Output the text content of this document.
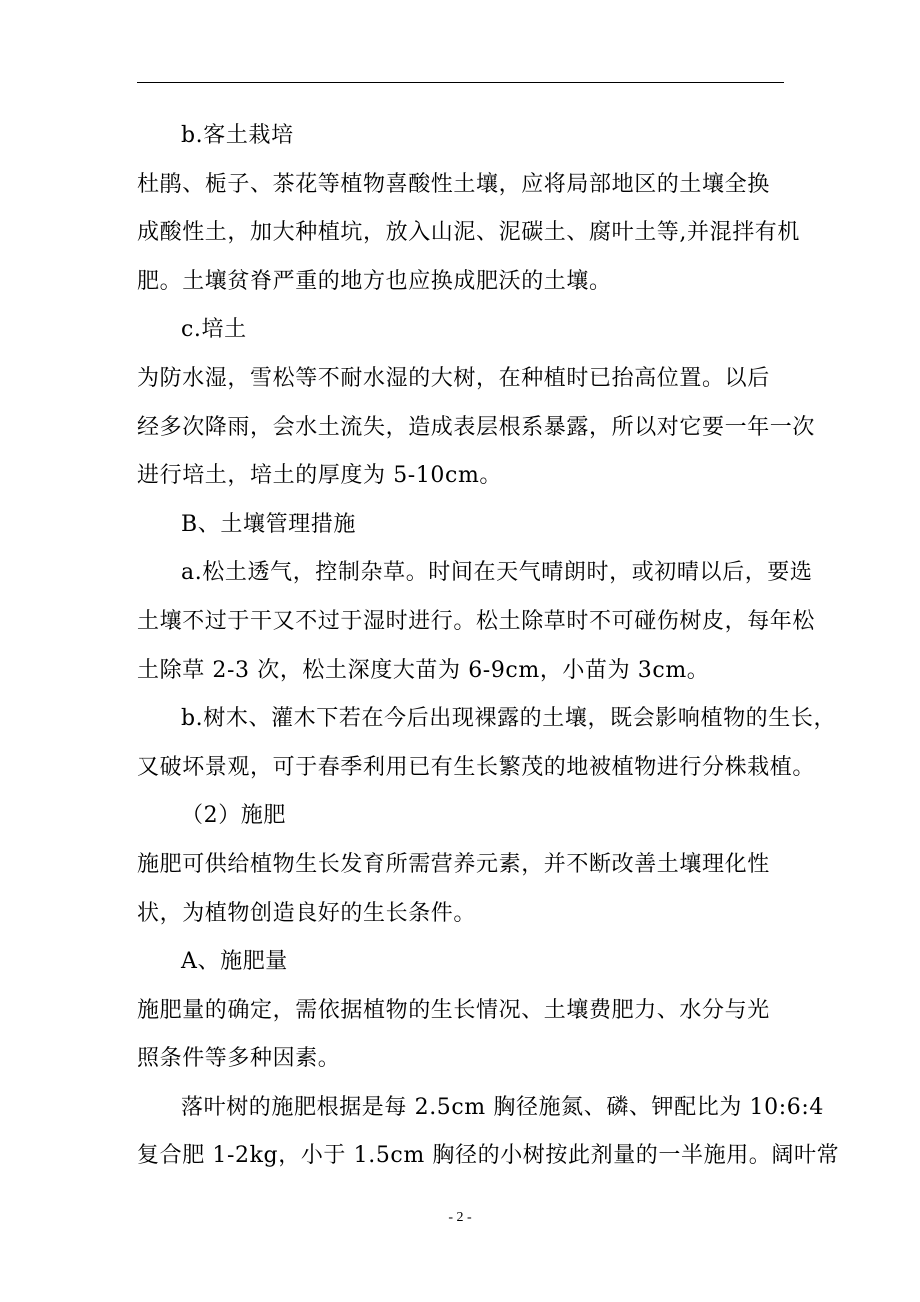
b.客土栽培
杜鹃、栀子、茶花等植物喜酸性土壤，应将局部地区的土壤全换
成酸性土，加大种植坑，放入山泥、泥碳土、腐叶土等,并混拌有机
肥。土壤贫脊严重的地方也应换成肥沃的土壤。
c.培土
为防水湿，雪松等不耐水湿的大树，在种植时已抬高位置。以后
经多次降雨，会水土流失，造成表层根系暴露，所以对它要一年一次
进行培土，培土的厚度为 5-10cm。
B、土壤管理措施
a.松土透气，控制杂草。时间在天气晴朗时，或初晴以后，要选
土壤不过于干又不过于湿时进行。松土除草时不可碰伤树皮，每年松
土除草 2-3 次，松土深度大苗为 6-9cm，小苗为 3cm。
b.树木、灌木下若在今后出现裸露的土壤，既会影响植物的生长，
又破坏景观，可于春季利用已有生长繁茂的地被植物进行分株栽植。
（2）施肥
施肥可供给植物生长发育所需营养元素，并不断改善土壤理化性
状，为植物创造良好的生长条件。
A、施肥量
施肥量的确定，需依据植物的生长情况、土壤费肥力、水分与光
照条件等多种因素。
落叶树的施肥根据是每 2.5cm 胸径施氮、磷、钾配比为 10:6:4
复合肥 1-2kg，小于 1.5cm 胸径的小树按此剂量的一半施用。阔叶常
- 2 -
